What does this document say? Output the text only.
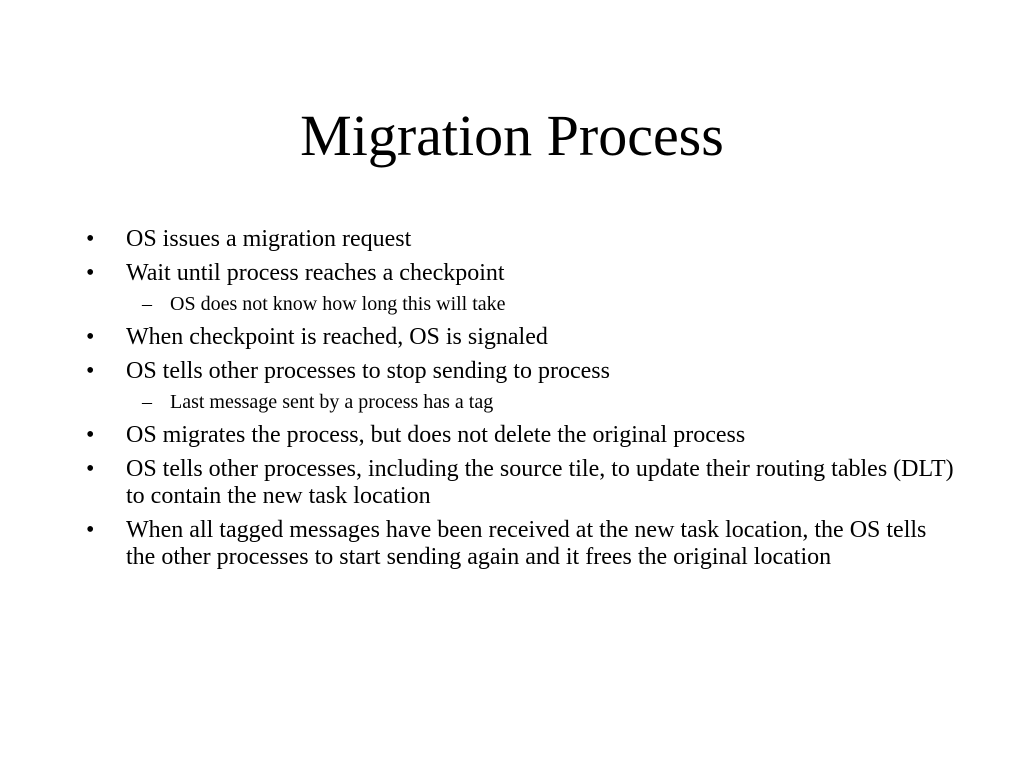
Migration Process
•	OS issues a migration request
•	Wait until process reaches a checkpoint
– OS does not know how long this will take
•	When checkpoint is reached, OS is signaled
•	OS tells other processes to stop sending to process
– Last message sent by a process has a tag
•	OS migrates the process, but does not delete the original process
•	OS tells other processes, including the source tile, to update their routing tables (DLT) to contain the new task location
•	When all tagged messages have been received at the new task location, the OS tells the other processes to start sending again and it frees the original location
